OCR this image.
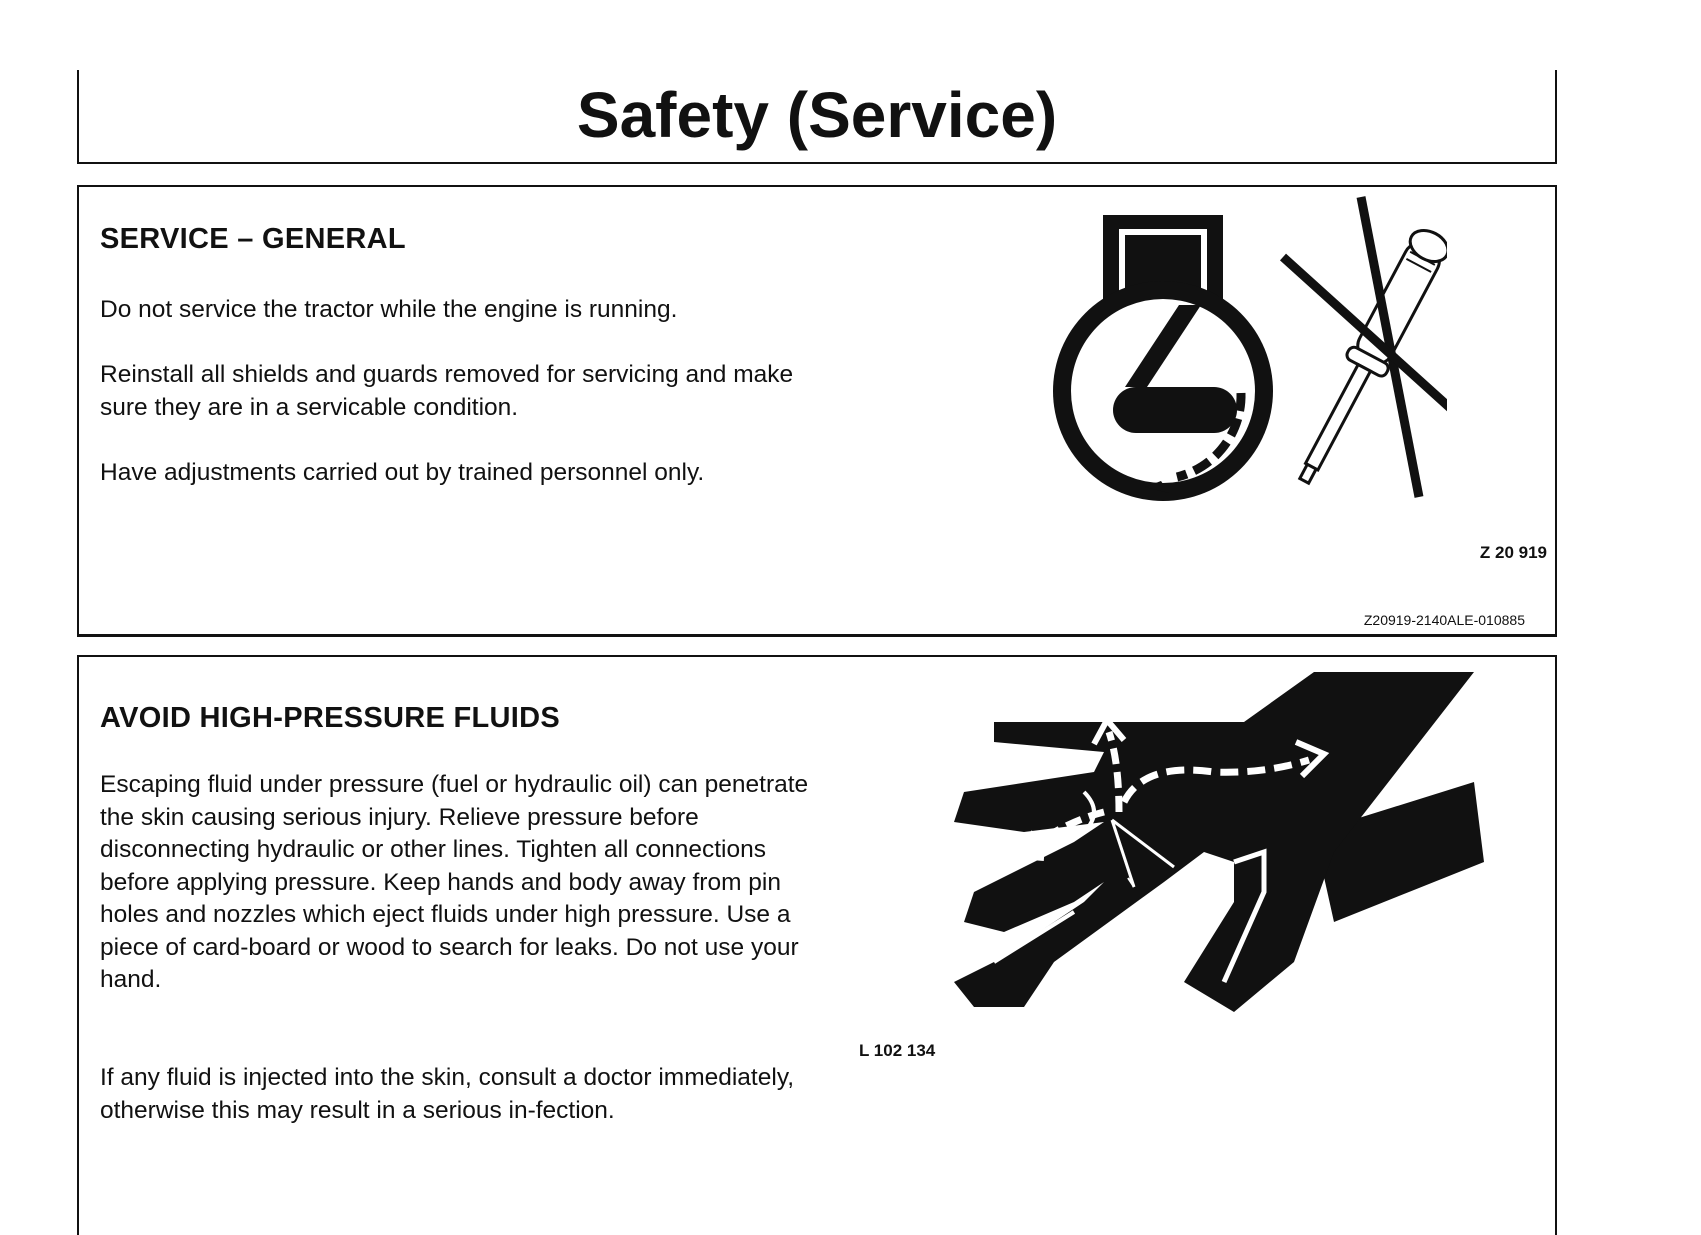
Safety (Service)
SERVICE – GENERAL

Do not service the tractor while the engine is running.

Reinstall all shields and guards removed for servicing and make sure they are in a servicable condition.

Have adjustments carried out by trained personnel only.

Z 20 919
Z20919-2140ALE-010885
AVOID HIGH-PRESSURE FLUIDS

Escaping fluid under pressure (fuel or hydraulic oil) can penetrate the skin causing serious injury. Relieve pressure before disconnecting hydraulic or other lines. Tighten all connections before applying pressure. Keep hands and body away from pin holes and nozzles which eject fluids under high pressure. Use a piece of card-board or wood to search for leaks. Do not use your hand.

If any fluid is injected into the skin, consult a doctor immediately, otherwise this may result in a serious in-fection.

L 102 134
